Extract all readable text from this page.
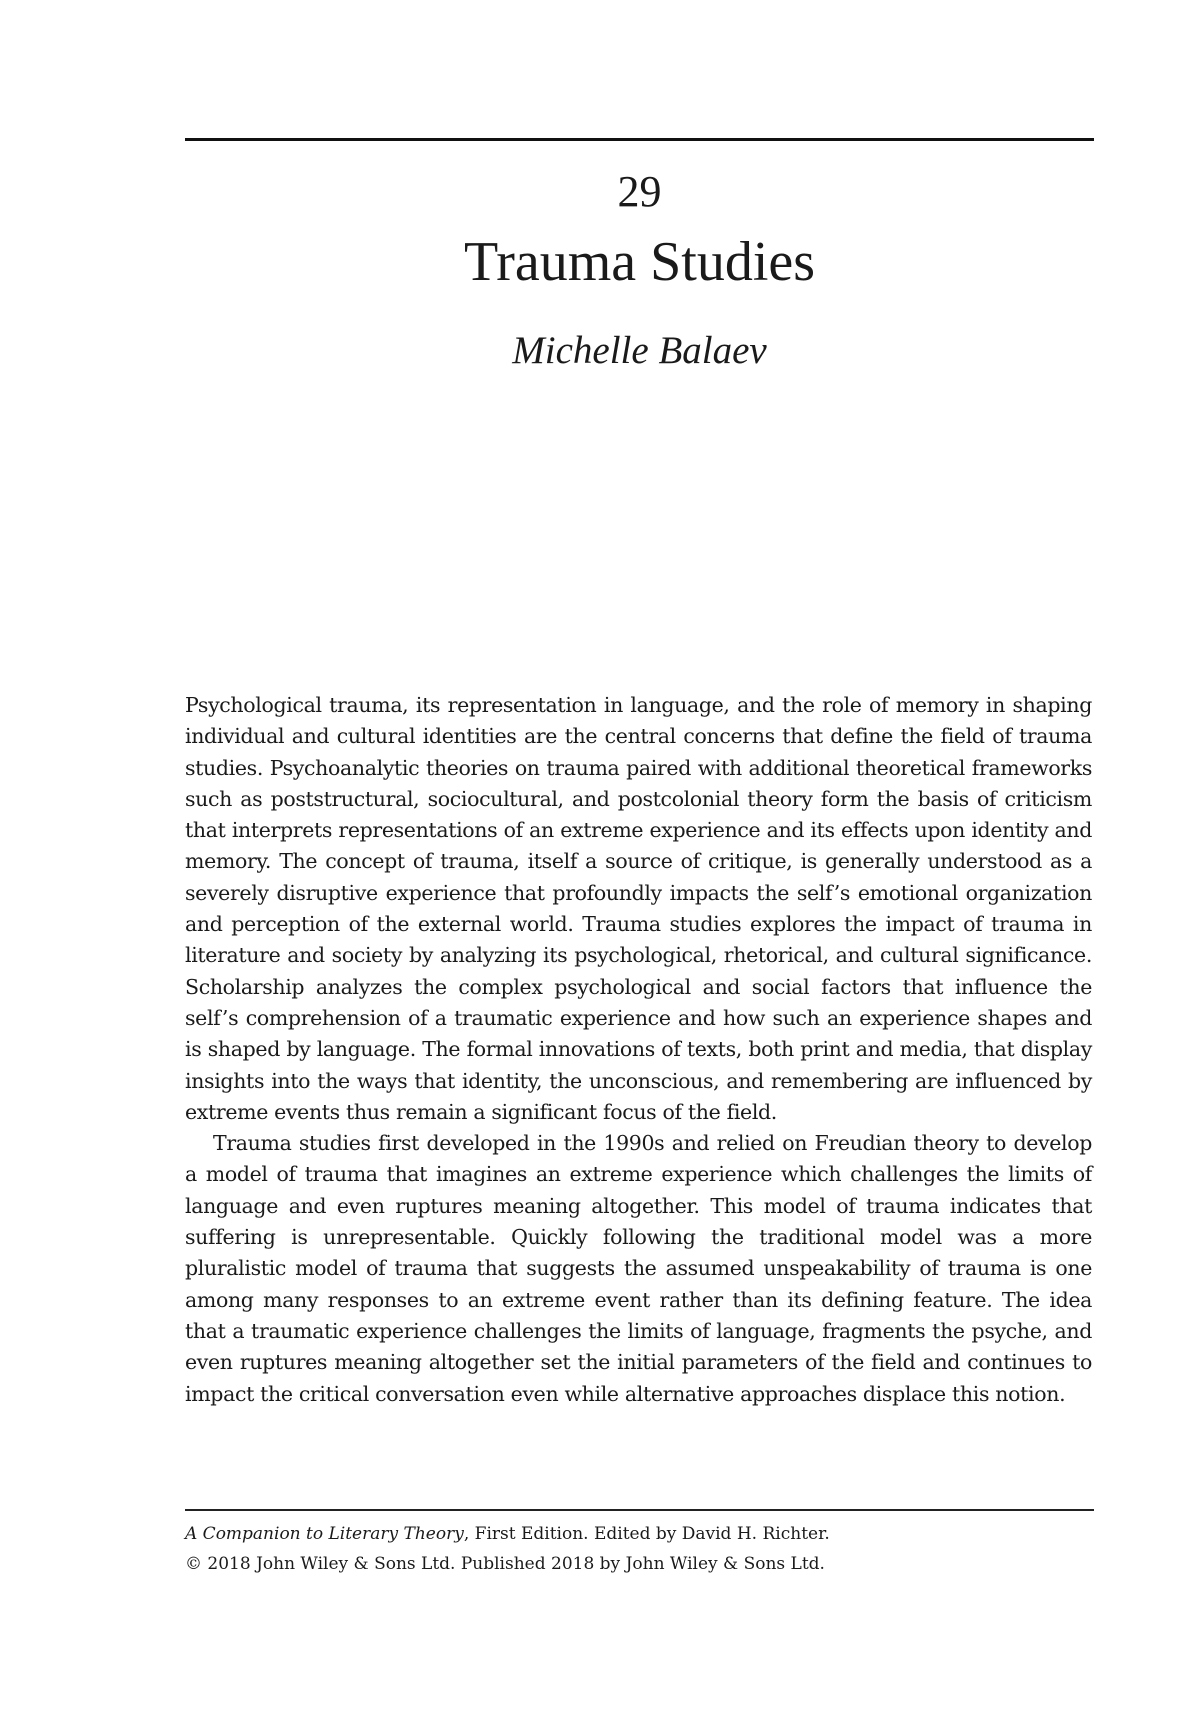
29
Trauma Studies
Michelle Balaev

Psychological trauma, its representation in language, and the role of memory in shaping individual and cultural identities are the central concerns that define the field of trauma studies. Psychoanalytic theories on trauma paired with additional theoretical frameworks such as poststructural, sociocultural, and postcolonial theory form the basis of criticism that interprets representations of an extreme experience and its effects upon identity and memory. The concept of trauma, itself a source of critique, is generally understood as a severely disruptive experience that profoundly impacts the self’s emotional organization and perception of the external world. Trauma studies explores the impact of trauma in literature and society by analyzing its psychological, rhetorical, and cultural significance. Scholarship analyzes the complex psychological and social factors that influence the self’s comprehension of a traumatic experience and how such an experience shapes and is shaped by language. The formal innovations of texts, both print and media, that display insights into the ways that identity, the unconscious, and remembering are influenced by extreme events thus remain a significant focus of the field.

Trauma studies first developed in the 1990s and relied on Freudian theory to develop a model of trauma that imagines an extreme experience which challenges the limits of language and even ruptures meaning altogether. This model of trauma indicates that suffering is unrepresentable. Quickly following the traditional model was a more pluralistic model of trauma that suggests the assumed unspeakability of trauma is one among many responses to an extreme event rather than its defining feature. The idea that a traumatic experience challenges the limits of language, fragments the psyche, and even ruptures meaning altogether set the initial parameters of the field and continues to impact the critical conversation even while alternative approaches displace this notion.

A Companion to Literary Theory, First Edition. Edited by David H. Richter.
© 2018 John Wiley & Sons Ltd. Published 2018 by John Wiley & Sons Ltd.
